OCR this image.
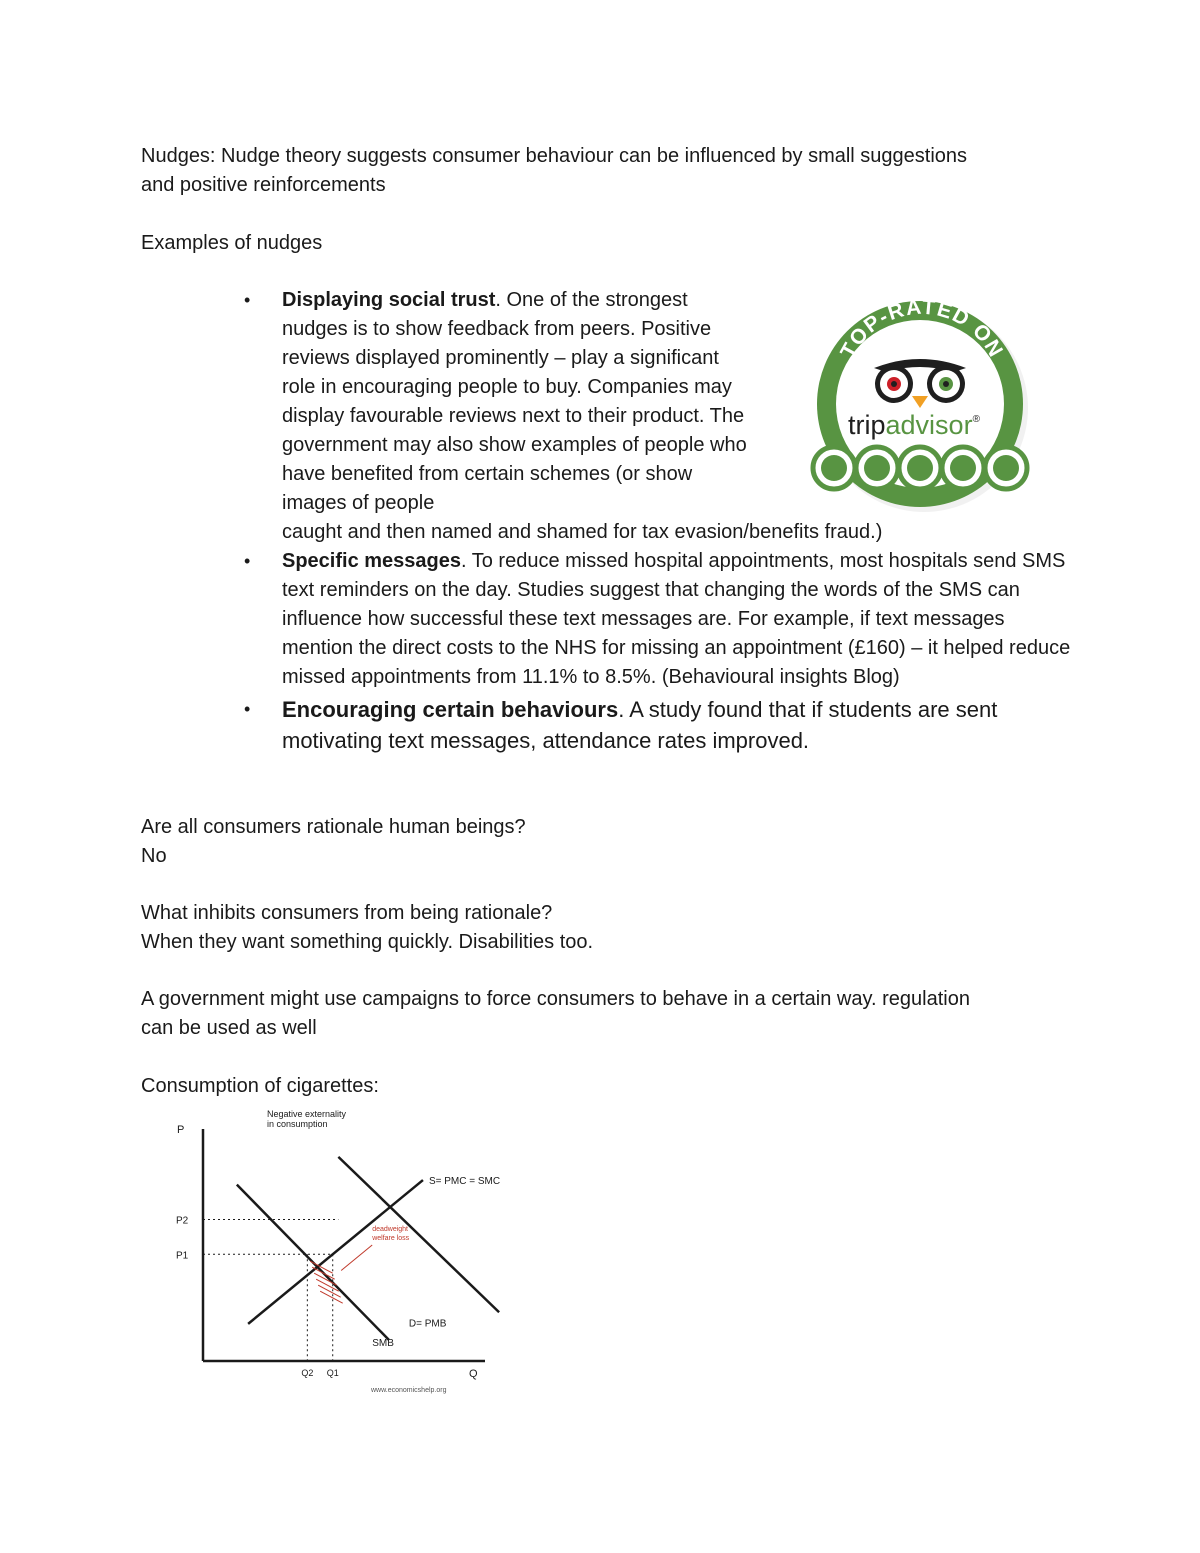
Nudges: Nudge theory suggests consumer behaviour can be influenced by small suggestions
and positive reinforcements

Examples of nudges

• Displaying social trust. One of the strongest nudges is to show feedback from peers. Positive reviews displayed prominently – play a significant role in encouraging people to buy. Companies may display favourable reviews next to their product. The government may also show examples of people who have benefited from certain schemes (or show images of people
caught and then named and shamed for tax evasion/benefits fraud.)
• Specific messages. To reduce missed hospital appointments, most hospitals send SMS text reminders on the day. Studies suggest that changing the words of the SMS can influence how successful these text messages are. For example, if text messages mention the direct costs to the NHS for missing an appointment (£160) – it helped reduce missed appointments from 11.1% to 8.5%. (Behavioural insights Blog)
• Encouraging certain behaviours. A study found that if students are sent motivating text messages, attendance rates improved.
TOP-RATED ON
tripadvisor®

Are all consumers rationale human beings?
No

What inhibits consumers from being rationale?
When they want something quickly. Disabilities too.

A government might use campaigns to force consumers to behave in a certain way. regulation
can be used as well

Consumption of cigarettes:

P
Q
Negative externality in consumption
S= PMC = SMC
D= PMB
SMB
P2
P1
Q2 Q1
deadweight welfare loss
www.economicshelp.org
